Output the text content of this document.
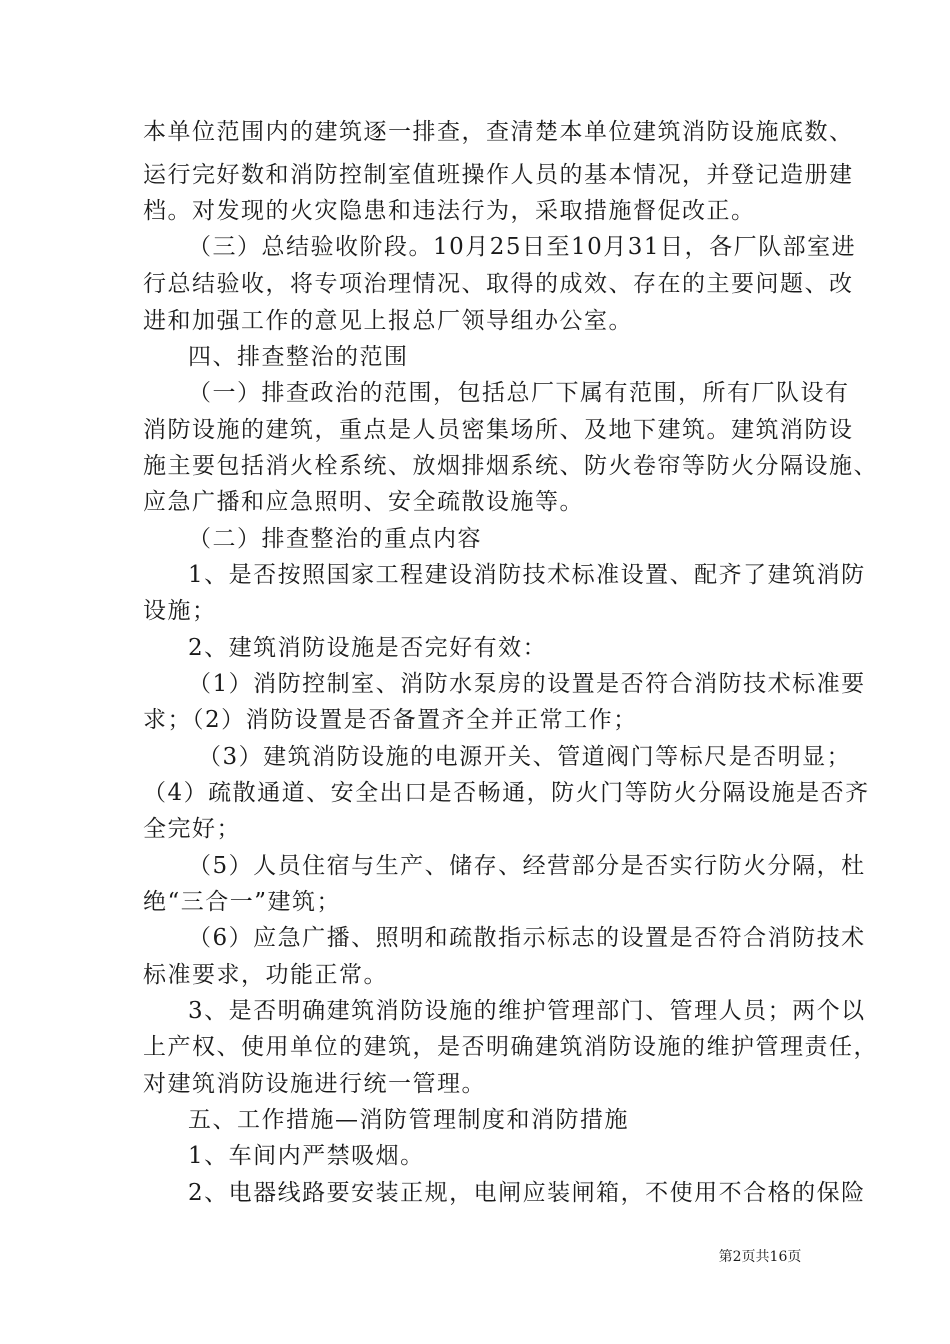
本单位范围内的建筑逐一排查，查清楚本单位建筑消防设施底数、

运行完好数和消防控制室值班操作人员的基本情况，并登记造册建

档。对发现的火灾隐患和违法行为，采取措施督促改正。

（三）总结验收阶段。10月25日至10月31日，各厂队部室进

行总结验收，将专项治理情况、取得的成效、存在的主要问题、改

进和加强工作的意见上报总厂领导组办公室。

四、排查整治的范围

（一）排查政治的范围，包括总厂下属有范围，所有厂队设有

消防设施的建筑，重点是人员密集场所、及地下建筑。建筑消防设

施主要包括消火栓系统、放烟排烟系统、防火卷帘等防火分隔设施、

应急广播和应急照明、安全疏散设施等。

（二）排查整治的重点内容

1、是否按照国家工程建设消防技术标准设置、配齐了建筑消防

设施；

2、建筑消防设施是否完好有效：

（1）消防控制室、消防水泵房的设置是否符合消防技术标准要

求；（2）消防设置是否备置齐全并正常工作；

（3）建筑消防设施的电源开关、管道阀门等标尺是否明显；

（4）疏散通道、安全出口是否畅通，防火门等防火分隔设施是否齐

全完好；

（5）人员住宿与生产、储存、经营部分是否实行防火分隔，杜

绝“三合一”建筑；

（6）应急广播、照明和疏散指示标志的设置是否符合消防技术

标准要求，功能正常。

3、是否明确建筑消防设施的维护管理部门、管理人员；两个以

上产权、使用单位的建筑，是否明确建筑消防设施的维护管理责任，

对建筑消防设施进行统一管理。

五、工作措施—消防管理制度和消防措施

1、车间内严禁吸烟。

2、电器线路要安装正规，电闸应装闸箱，不使用不合格的保险

第2页共16页
